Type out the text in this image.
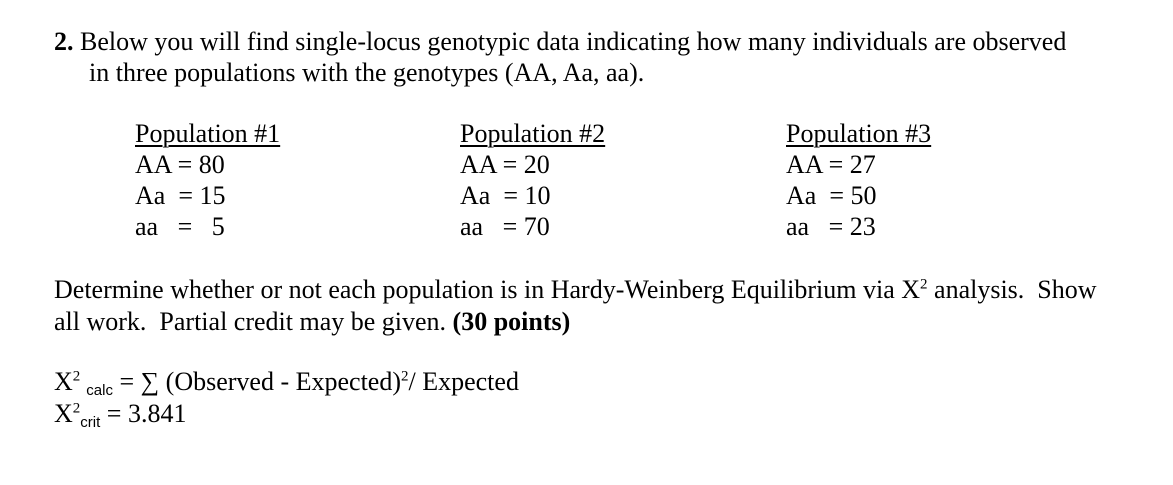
2. Below you will find single-locus genotypic data indicating how many individuals are observed
in three populations with the genotypes (AA, Aa, aa).
Population #1
AA = 80
Aa  = 15
aa   =   5
Population #2
AA = 20
Aa  = 10
aa   = 70
Population #3
AA = 27
Aa  = 50
aa   = 23
Determine whether or not each population is in Hardy-Weinberg Equilibrium via $X^2$ analysis.  Show
all work.  Partial credit may be given. (30 points)
$X^2calc$ = ∑ (Observed - Expected)$^2$/ Expected
$X^2crit = 3.841$
